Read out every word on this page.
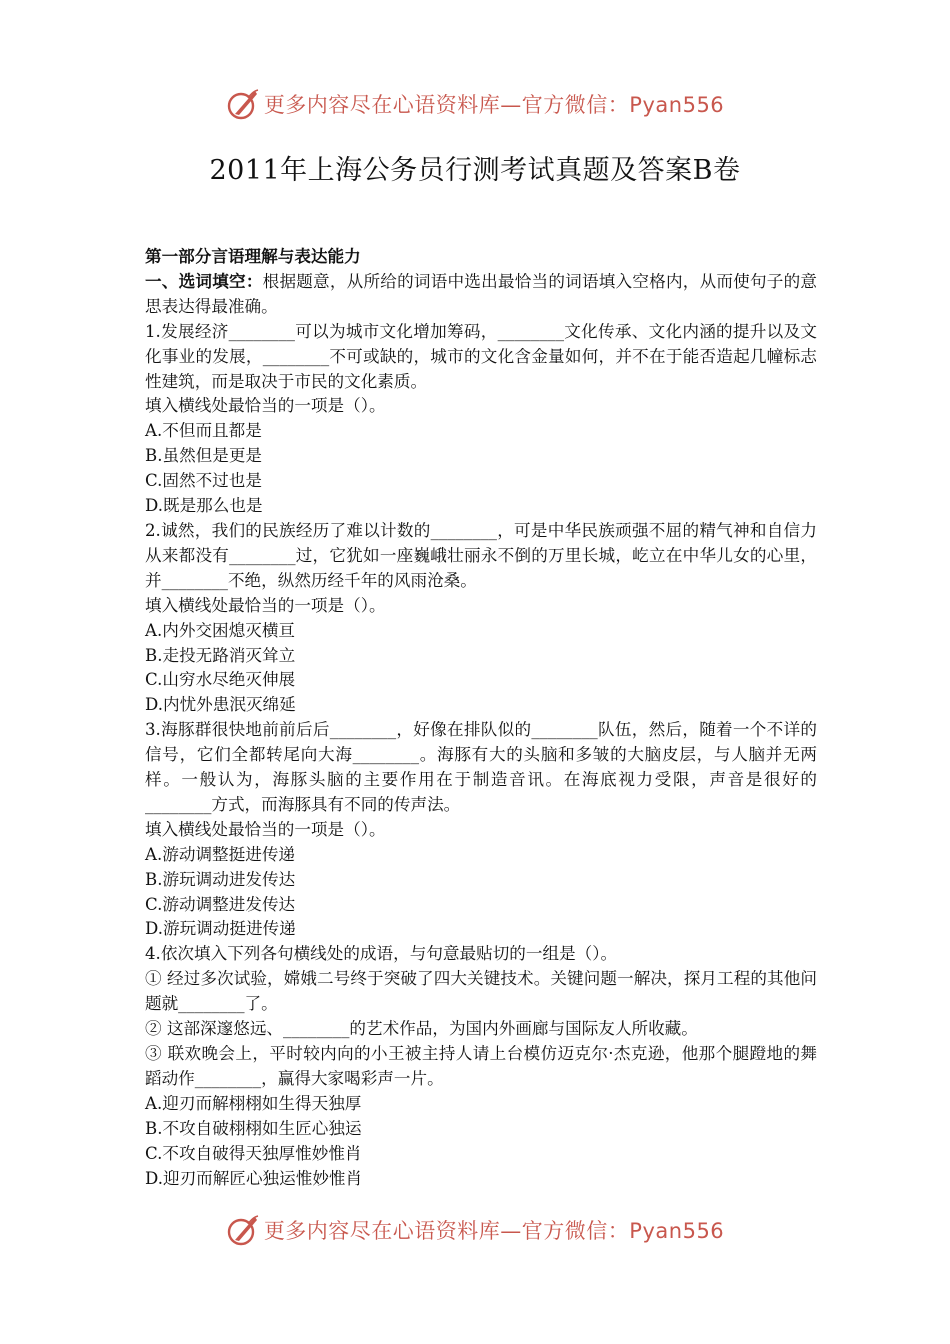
更多内容尽在心语资料库—官方微信：Pyan556
2011年上海公务员行测考试真题及答案B卷

第一部分言语理解与表达能力

一、选词填空：根据题意，从所给的词语中选出最恰当的词语填入空格内，从而使句子的意思表达得最准确。

1.发展经济________可以为城市文化增加筹码，________文化传承、文化内涵的提升以及文化事业的发展，________不可或缺的，城市的文化含金量如何，并不在于能否造起几幢标志性建筑，而是取决于市民的文化素质。

填入横线处最恰当的一项是（）。

A.不但而且都是

B.虽然但是更是

C.固然不过也是

D.既是那么也是

2.诚然，我们的民族经历了难以计数的________，可是中华民族顽强不屈的精气神和自信力从来都没有________过，它犹如一座巍峨壮丽永不倒的万里长城，屹立在中华儿女的心里，并________不绝，纵然历经千年的风雨沧桑。

填入横线处最恰当的一项是（）。

A.内外交困熄灭横亘

B.走投无路消灭耸立

C.山穷水尽绝灭伸展

D.内忧外患泯灭绵延

3.海豚群很快地前前后后________，好像在排队似的________队伍，然后，随着一个不详的信号，它们全都转尾向大海________。海豚有大的头脑和多皱的大脑皮层，与人脑并无两样。一般认为，海豚头脑的主要作用在于制造音讯。在海底视力受限，声音是很好的________方式，而海豚具有不同的传声法。

填入横线处最恰当的一项是（）。

A.游动调整挺进传递

B.游玩调动进发传达

C.游动调整进发传达

D.游玩调动挺进传递

4.依次填入下列各句横线处的成语，与句意最贴切的一组是（）。

① 经过多次试验，嫦娥二号终于突破了四大关键技术。关键问题一解决，探月工程的其他问题就________了。

② 这部深邃悠远、________的艺术作品，为国内外画廊与国际友人所收藏。

③ 联欢晚会上，平时较内向的小王被主持人请上台模仿迈克尔·杰克逊，他那个腿蹬地的舞蹈动作________，赢得大家喝彩声一片。

A.迎刃而解栩栩如生得天独厚

B.不攻自破栩栩如生匠心独运

C.不攻自破得天独厚惟妙惟肖

D.迎刃而解匠心独运惟妙惟肖

更多内容尽在心语资料库—官方微信：Pyan556
